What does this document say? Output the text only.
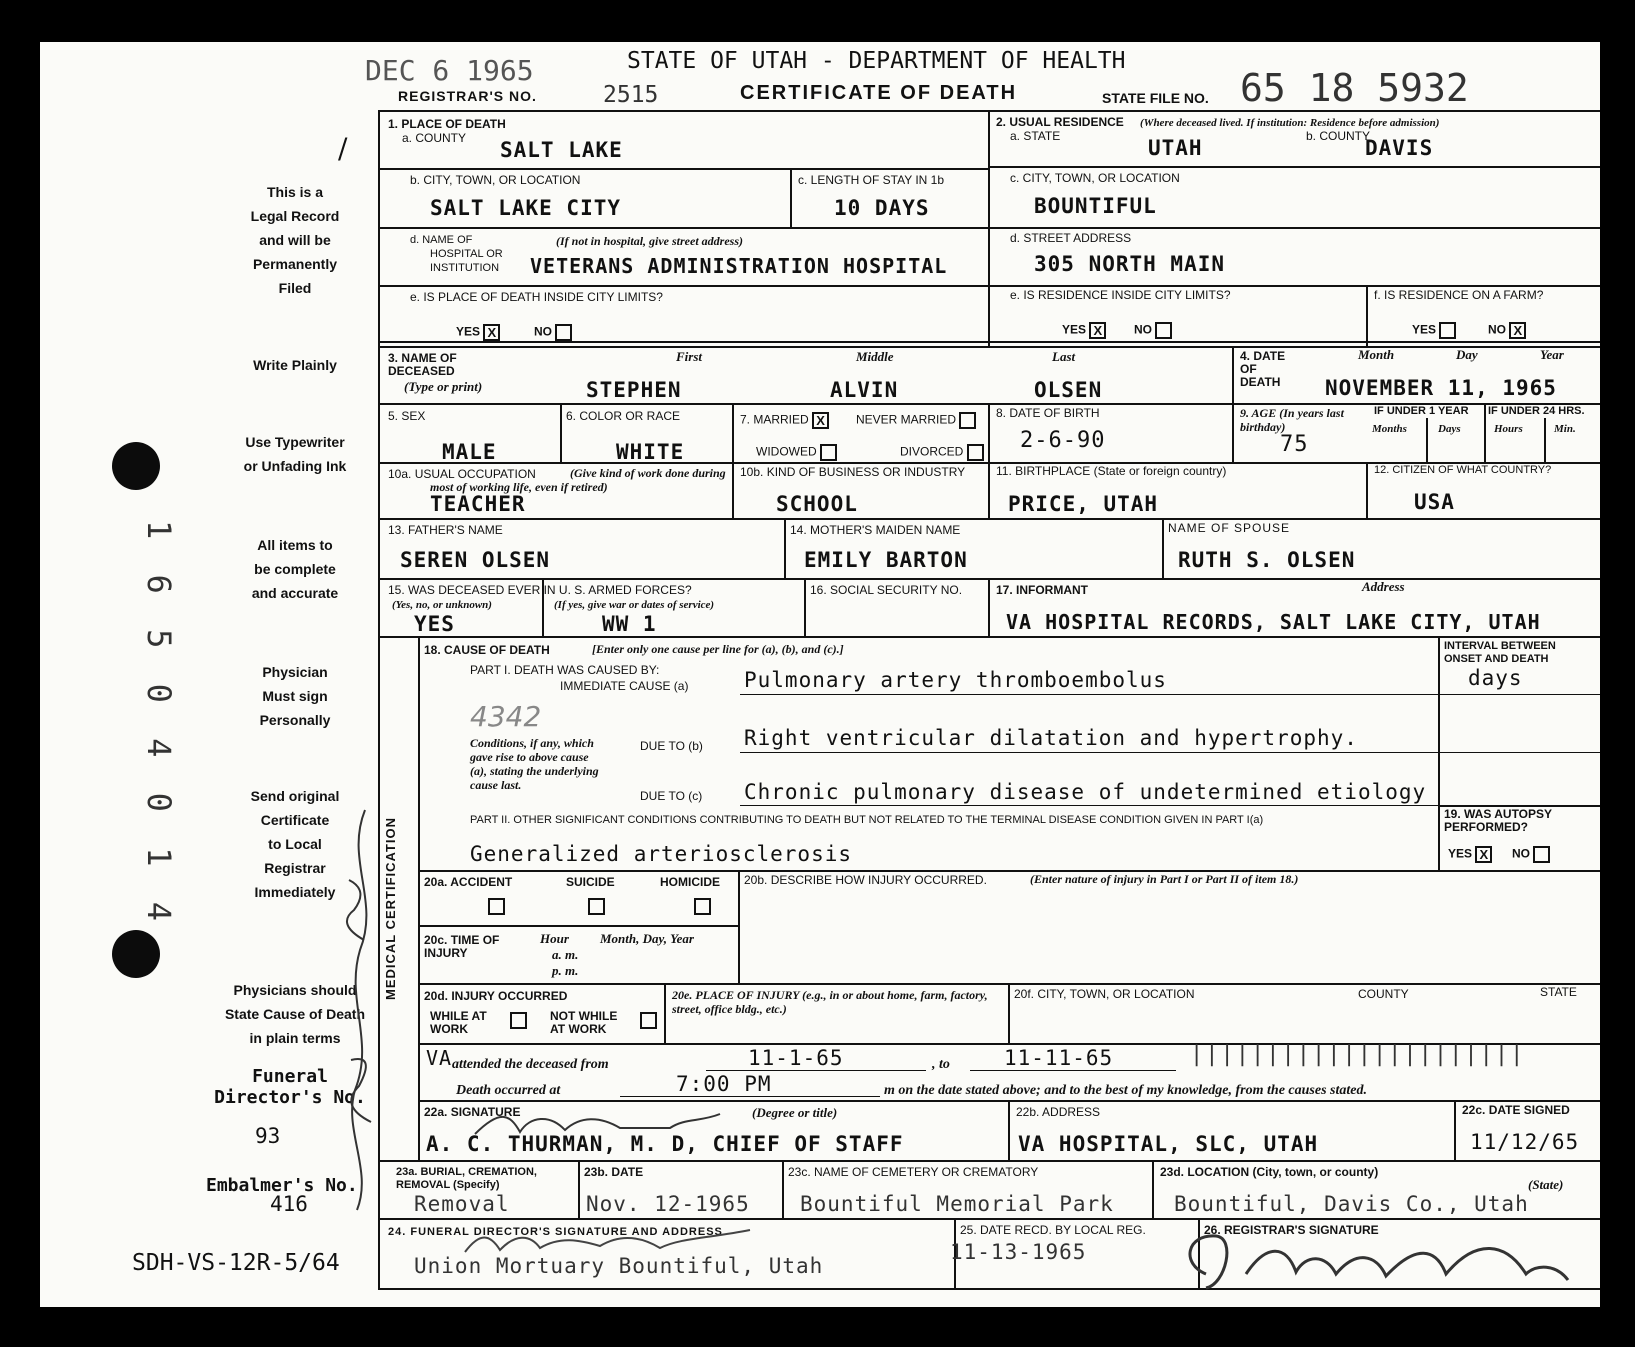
DEC 6 1965	STATE OF UTAH - DEPARTMENT OF HEALTH
REGISTRAR'S NO.	2515	CERTIFICATE OF DEATH	STATE FILE NO. 65 18 5932
/
This is a
Legal Record
and will be
Permanently
Filed
Write Plainly
Use Typewriter
or Unfading Ink
All items to
be complete
and accurate
Physician
Must sign
Personally
Send original
Certificate
to Local
Registrar
Immediately
Physicians should
State Cause of Death
in plain terms
Funeral
Director's No.
93
Embalmer's No.
416
SDH-VS-12R-5/64
1 6 5 0 4 0 1 4	MEDICAL CERTIFICATION
1. PLACE OF DEATH
a. COUNTY SALT LAKE
2. USUAL RESIDENCE (Where deceased lived. If institution: Residence before admission)
a. STATE	UTAH	b. COUNTY
DAVIS
b. CITY, TOWN, OR LOCATION
SALT LAKE CITY
c. LENGTH OF STAY IN 1b
10 DAYS
c. CITY, TOWN, OR LOCATION
BOUNTIFUL
d. NAME OF
HOSPITAL OR
INSTITUTION
(If not in hospital, give street address)
VETERANS ADMINISTRATION HOSPITAL
d. STREET ADDRESS
305 NORTH MAIN
e. IS PLACE OF DEATH INSIDE CITY LIMITS?
YES X	NO
e. IS RESIDENCE INSIDE CITY LIMITS?
YES X	NO
f. IS RESIDENCE ON A FARM?
YES	NO X
3. NAME OF DECEASED
(Type or print)
First	Middle	Last
STEPHEN	ALVIN	OLSEN
4. DATE OF DEATH
Month	Day	Year
NOVEMBER 11, 1965
5. SEX
MALE
6. COLOR OR RACE
WHITE
7. MARRIED X	NEVER MARRIED
WIDOWED	DIVORCED
8. DATE OF BIRTH
2-6-90
9. AGE (In years last birthday)
75
IF UNDER 1 YEAR IF UNDER 24 HRS.
Months	Days	Hours	Min.
10a. USUAL OCCUPATION	(Give kind of work done during most of working life, even if retired)
TEACHER
10b. KIND OF BUSINESS OR INDUSTRY
SCHOOL
11. BIRTHPLACE (State or foreign country)
PRICE, UTAH
12. CITIZEN OF WHAT COUNTRY?
USA
13. FATHER'S NAME
SEREN OLSEN
14. MOTHER'S MAIDEN NAME
EMILY BARTON
NAME OF SPOUSE
RUTH S. OLSEN
15. WAS DECEASED EVER IN U. S. ARMED FORCES?
(Yes, no, or unknown)	(If yes, give war or dates of service)
YES	WW 1
16. SOCIAL SECURITY NO.	17. INFORMANT	Address
VA HOSPITAL RECORDS, SALT LAKE CITY, UTAH
18. CAUSE OF DEATH	[Enter only one cause per line for (a), (b), and (c).]
PART I. DEATH WAS CAUSED BY:
IMMEDIATE CAUSE (a)	Pulmonary artery thromboembolus
INTERVAL BETWEEN ONSET AND DEATH
days
4342
Conditions, if any, which gave rise to above cause (a), stating the underlying cause last.
DUE TO (b) Right ventricular dilatation and hypertrophy.
DUE TO (c) Chronic pulmonary disease of undetermined etiology
PART II. OTHER SIGNIFICANT CONDITIONS CONTRIBUTING TO DEATH BUT NOT RELATED TO THE TERMINAL DISEASE CONDITION GIVEN IN PART I(a)
Generalized arteriosclerosis
19. WAS AUTOPSY PERFORMED?
YES X	NO
20a. ACCIDENT	SUICIDE	HOMICIDE 20b. DESCRIBE HOW INJURY OCCURRED.	(Enter nature of injury in Part I or Part II of item 18.)
20c. TIME OF INJURY
Hour
a. m.
p. m.
Month, Day, Year
20d. INJURY OCCURRED
WHILE AT WORK
NOT WHILE AT WORK
20e. PLACE OF INJURY (e.g., in or about home, farm, factory, street, office bldg., etc.)
20f. CITY, TOWN, OR LOCATION	COUNTY	STATE
VA attended the deceased from	11-1-65	, to	11-11-65	||||||||||||||||||||||
Death occurred at	7:00 PM	m on the date stated above; and to the best of my knowledge, from the causes stated.
22a. SIGNATURE	(Degree or title)
A. C. THURMAN, M. D, CHIEF OF STAFF
22b. ADDRESS
VA HOSPITAL, SLC, UTAH
22c. DATE SIGNED
11/12/65
23a. BURIAL, CREMATION, REMOVAL (Specify)
Removal
23b. DATE
Nov. 12-1965
23c. NAME OF CEMETERY OR CREMATORY
Bountiful Memorial Park
23d. LOCATION (City, town, or county)
(State)
Bountiful, Davis Co., Utah
24. FUNERAL DIRECTOR'S SIGNATURE AND ADDRESS
Union Mortuary Bountiful, Utah
25. DATE RECD. BY LOCAL REG.
11-13-1965
26. REGISTRAR'S SIGNATURE
